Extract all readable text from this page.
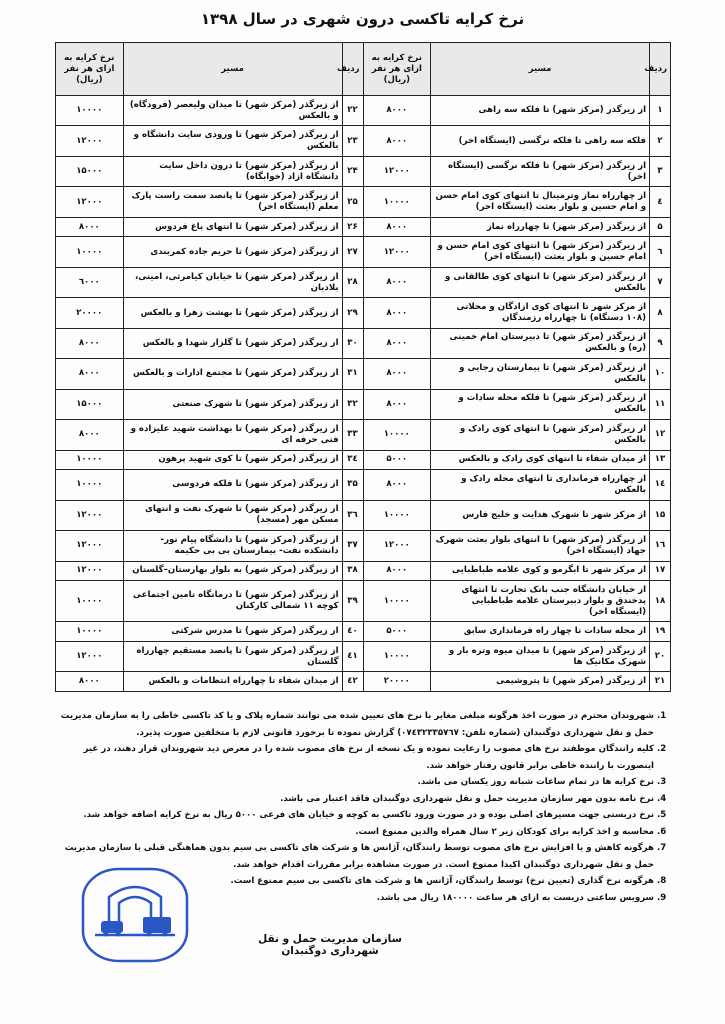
نرخ کرایه تاکسی درون شهری در سال ۱۳۹۸
ردیف	مسیر	نرخ کرایه به ازای هر نفر (ریال)	ردیف	مسیر	نرخ کرایه به ازای هر نفر (ریال)
۱	از زیرگذر (مرکز شهر) تا فلکه سه راهی	۸۰۰۰	۲۲	از زیرگذر (مرکز شهر) تا میدان ولیعصر (فرودگاه) و بالعکس	۱۰۰۰۰
۲	فلکه سه راهی تا فلکه نرگسی (ایستگاه اخر)	۸۰۰۰	۲۳	از زیرگذر (مرکز شهر) تا ورودی سایت دانشگاه و بالعکس	۱۲۰۰۰
۳	از زیرگذر (مرکز شهر) تا فلکه نرگسی (ایستگاه اخر)	۱۲۰۰۰	۲۴	از زیرگذر (مرکز شهر) تا درون داخل سایت دانشگاه ازاد (خوابگاه)	۱۵۰۰۰
٤	از چهارراه نماز وترمینال تا انتهای کوی امام حسن و امام حسین و بلوار بعثت (ایستگاه اخر)	۱۰۰۰۰	۲۵	از زیرگذر (مرکز شهر) تا پانصد سمت راست پارک معلم (ایستگاه اخر)	۱۲۰۰۰
۵	از زیرگذر (مرکز شهر) تا چهارراه نماز	۸۰۰۰	۲۶	از زیرگذر (مرکز شهر) تا انتهای باغ فردوس	۸۰۰۰
٦	از زیرگذر (مرکز شهر) تا انتهای کوی امام حسن و امام حسین و بلوار بعثت (ایستگاه اخر)	۱۲۰۰۰	۲۷	از زیرگذر (مرکز شهر) تا حریم جاده کمربندی	۱۰۰۰۰
۷	از زیرگذر (مرکز شهر) تا انتهای کوی طالقانی و بالعکس	۸۰۰۰	۲۸	از زیرگذر (مرکز شهر) تا خیابان کیامرثی، امینی، بلادیان	٦۰۰۰
۸	از مرکز شهر تا انتهای کوی ازادگان و محلاتی (۱۰۸ دستگاه) تا چهارراه رزمندگان	۸۰۰۰	۲۹	از زیرگذر (مرکز شهر) تا بهشت زهرا و بالعکس	۲۰۰۰۰
۹	از زیرگذر (مرکز شهر) تا دبیرستان امام خمینی (ره) و بالعکس	۸۰۰۰	۳۰	از زیرگذر (مرکز شهر) تا گلزار شهدا و بالعکس	۸۰۰۰
۱۰	از زیرگذر (مرکز شهر) تا بیمارستان رجایی و بالعکس	۸۰۰۰	۳۱	از زیرگذر (مرکز شهر) تا مجتمع ادارات و بالعکس	۸۰۰۰
۱۱	از زیرگذر (مرکز شهر) تا فلکه محله سادات و بالعکس	۸۰۰۰	۳۲	از زیرگذر (مرکز شهر) تا شهرک صنعتی	۱۵۰۰۰
۱۲	از زیرگذر (مرکز شهر) تا انتهای کوی رادک و بالعکس	۱۰۰۰۰	۳۳	از زیرگذر (مرکز شهر) تا بهداشت شهید علیزاده و فنی حرفه ای	۸۰۰۰
۱۳	از میدان شفاء تا انتهای کوی رادک و بالعکس	۵۰۰۰	۳٤	از زیرگذر (مرکز شهر) تا کوی شهید پرهون	۱۰۰۰۰
۱٤	از چهارراه فرمانداری تا انتهای محله رادک و بالعکس	۸۰۰۰	۳۵	از زیرگذر (مرکز شهر) تا فلکه فردوسی	۱۰۰۰۰
۱۵	از مرکز شهر تا شهرک هدایت و خلیج فارس	۱۰۰۰۰	۳٦	از زیرگذر (مرکز شهر) تا شهرک نفت و انتهای مسکن مهر (مسجد)	۱۲۰۰۰
۱٦	از زیرگذر (مرکز شهر) تا انتهای بلوار بعثت شهرک جهاد (ایستگاه اخر)	۱۲۰۰۰	۳۷	از زیرگذر (مرکز شهر) تا دانشگاه پیام نور- دانشکده نفت- بیمارستان بی بی حکیمه	۱۲۰۰۰
۱۷	از مرکز شهر تا ابگرمو و کوی علامه طباطبایی	۸۰۰۰	۳۸	از زیرگذر (مرکز شهر) به بلوار بهارستان–گلستان	۱۲۰۰۰
۱۸	از خیابان دانشگاه جنب بانک تجارت تا انتهای پدخندق و بلوار دبیرستان علامه طباطبایی (ایستگاه اخر)	۱۰۰۰۰	۳۹	از زیرگذر (مرکز شهر) تا درمانگاه تامین اجتماعی کوچه ۱۱ شمالی کارکنان	۱۰۰۰۰
۱۹	از محله سادات تا چهار راه فرمانداری سابق	۵۰۰۰	٤۰	از زیرگذر (مرکز شهر) تا مدرس شرکتی	۱۰۰۰۰
۲۰	از زیرگذر (مرکز شهر) تا میدان میوه وتره بار و شهرک مکانیک ها	۱۰۰۰۰	٤۱	از زیرگذر (مرکز شهر) تا پانصد مستقیم چهارراه گلستان	۱۲۰۰۰
۲۱	از زیرگذر (مرکز شهر) تا پتروشیمی	۲۰۰۰۰	٤۲	از میدان شفاء تا چهارراه انتظامات و بالعکس	۸۰۰۰
1. شهروندان محترم در صورت اخذ هرگونه مبلغی مغایر با نرخ های تعیین شده می توانند شماره پلاک و یا کد تاکسی خاطی را به سازمان مدیریت حمل و نقل شهرداری دوگنبدان (شماره تلفن: ۰۷٤۳۲۳۳۵۷٦۷) گزارش نموده تا برخورد قانونی لازم با متخلفین صورت پذیرد.
2. کلیه رانندگان موظفند نرخ های مصوب را رعایت نموده و یک نسخه از نرخ های مصوب شده را در معرض دید شهروندان قرار دهند، در غیر اینصورت با راننده خاطی برابر قانون رفتار خواهد شد.
3. نرخ کرایه ها در تمام ساعات شبانه روز یکسان می باشد.
4. نرخ نامه بدون مهر سازمان مدیریت حمل و نقل شهرداری دوگنبدان فاقد اعتبار می باشد.
5. نرخ دربستی جهت مسیرهای اصلی بوده و در صورت ورود تاکسی به کوچه و خیابان های فرعی ۵۰۰۰ ریال به نرخ کرایه اضافه خواهد شد.
6. محاسبه و اخذ کرایه برای کودکان زیر ۲ سال همراه والدین ممنوع است.
7. هرگونه کاهش و یا افزایش نرخ های مصوب توسط رانندگان، آژانس ها و شرکت های تاکسی بی سیم بدون هماهنگی قبلی با سازمان مدیریت حمل و نقل شهرداری دوگنبدان اکیدا ممنوع است. در صورت مشاهده برابر مقررات اقدام خواهد شد.
8. هرگونه نرخ گذاری (تعیین نرخ) توسط رانندگان، آژانس ها و شرکت های تاکسی بی سیم ممنوع است.
9. سرویس ساعتی دربست به ازای هر ساعت ۱۸۰۰۰۰ ریال می باشد.
سازمان مدیریت حمل و نقل شهرداری دوگنبدان
